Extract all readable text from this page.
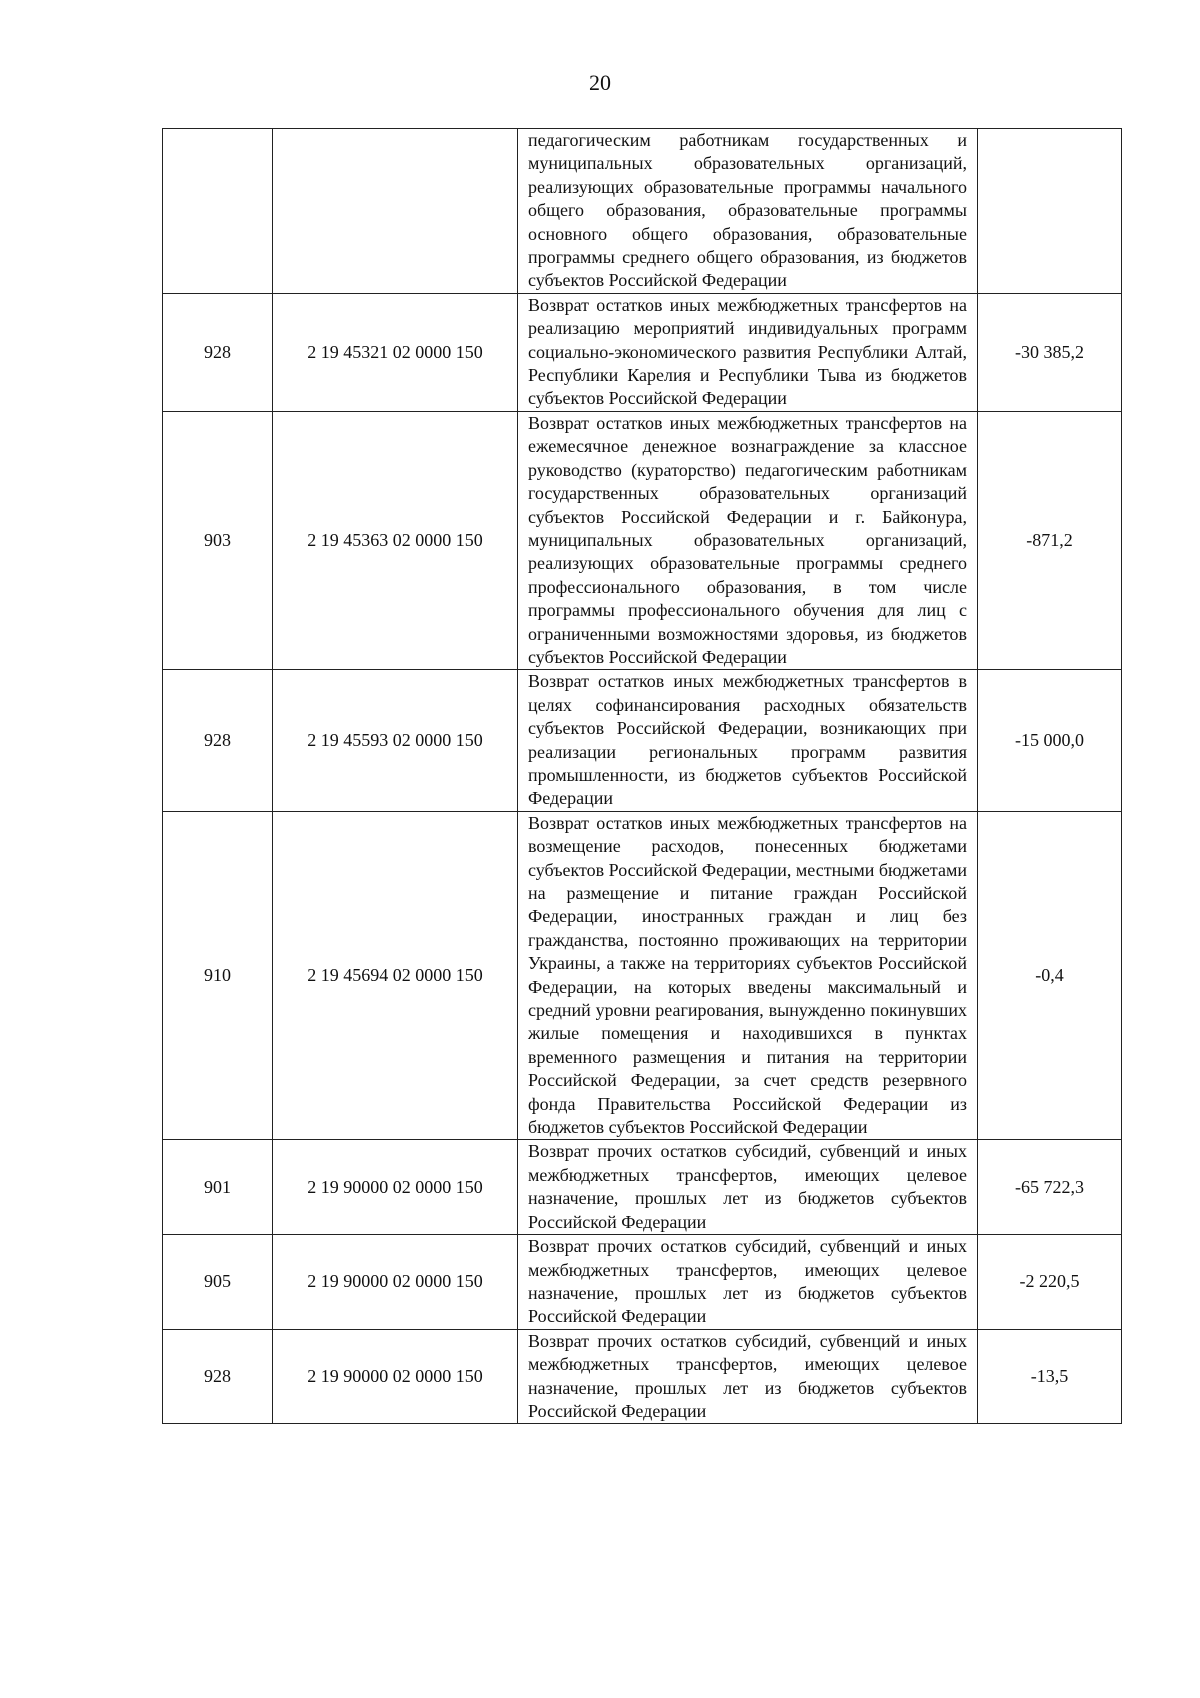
20
		педагогическим работникам государственных и муниципальных образовательных организаций, реализующих образовательные программы начального общего образования, образовательные программы основного общего образования, образовательные программы среднего общего образования, из бюджетов субъектов Российской Федерации	
928	2 19 45321 02 0000 150	Возврат остатков иных межбюджетных трансфертов на реализацию мероприятий индивидуальных программ социально-экономического развития Республики Алтай, Республики Карелия и Республики Тыва из бюджетов субъектов Российской Федерации	-30 385,2
903	2 19 45363 02 0000 150	Возврат остатков иных межбюджетных трансфертов на ежемесячное денежное вознаграждение за классное руководство (кураторство) педагогическим работникам государственных образовательных организаций субъектов Российской Федерации и г. Байконура, муниципальных образовательных организаций, реализующих образовательные программы среднего профессионального образования, в том числе программы профессионального обучения для лиц с ограниченными возможностями здоровья, из бюджетов субъектов Российской Федерации	-871,2
928	2 19 45593 02 0000 150	Возврат остатков иных межбюджетных трансфертов в целях софинансирования расходных обязательств субъектов Российской Федерации, возникающих при реализации региональных программ развития промышленности, из бюджетов субъектов Российской Федерации	-15 000,0
910	2 19 45694 02 0000 150	Возврат остатков иных межбюджетных трансфертов на возмещение расходов, понесенных бюджетами субъектов Российской Федерации, местными бюджетами на размещение и питание граждан Российской Федерации, иностранных граждан и лиц без гражданства, постоянно проживающих на территории Украины, а также на территориях субъектов Российской Федерации, на которых введены максимальный и средний уровни реагирования, вынужденно покинувших жилые помещения и находившихся в пунктах временного размещения и питания на территории Российской Федерации, за счет средств резервного фонда Правительства Российской Федерации из бюджетов субъектов Российской Федерации	-0,4
901	2 19 90000 02 0000 150	Возврат прочих остатков субсидий, субвенций и иных межбюджетных трансфертов, имеющих целевое назначение, прошлых лет из бюджетов субъектов Российской Федерации	-65 722,3
905	2 19 90000 02 0000 150	Возврат прочих остатков субсидий, субвенций и иных межбюджетных трансфертов, имеющих целевое назначение, прошлых лет из бюджетов субъектов Российской Федерации	-2 220,5
928	2 19 90000 02 0000 150	Возврат прочих остатков субсидий, субвенций и иных межбюджетных трансфертов, имеющих целевое назначение, прошлых лет из бюджетов субъектов Российской Федерации	-13,5
